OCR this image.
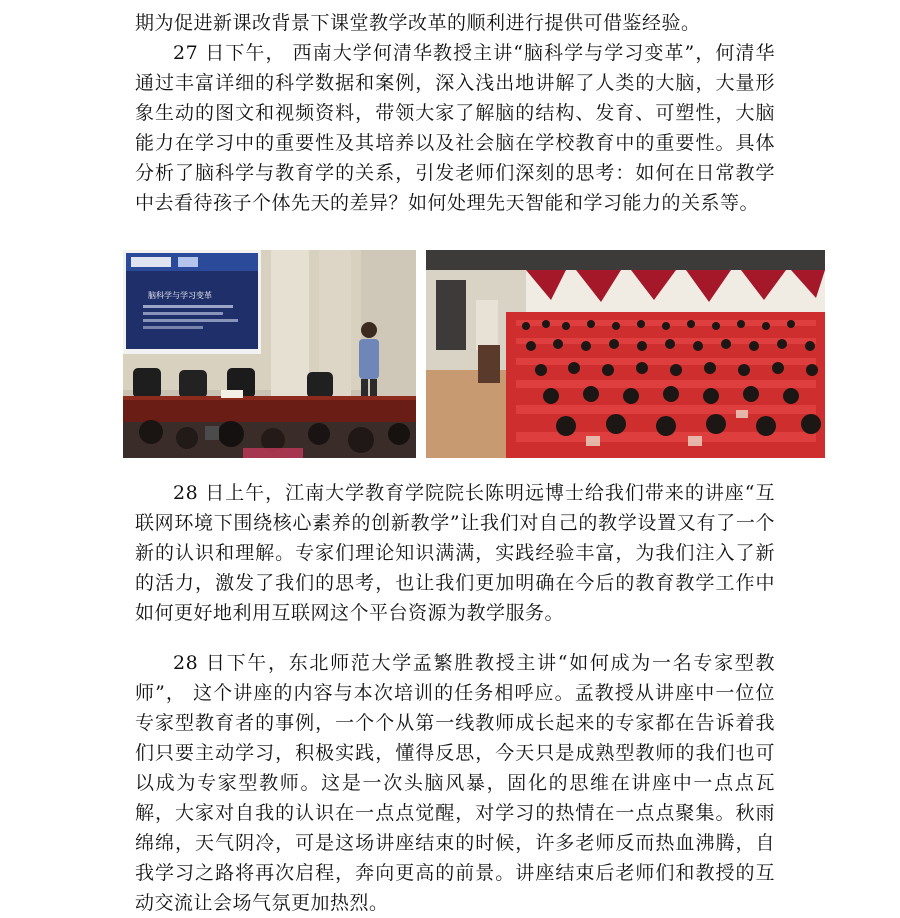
期为促进新课改背景下课堂教学改革的顺利进行提供可借鉴经验。
27 日下午， 西南大学何清华教授主讲“脑科学与学习变革”，何清华通过丰富详细的科学数据和案例，深入浅出地讲解了人类的大脑，大量形象生动的图文和视频资料，带领大家了解脑的结构、发育、可塑性，大脑能力在学习中的重要性及其培养以及社会脑在学校教育中的重要性。具体分析了脑科学与教育学的关系，引发老师们深刻的思考：如何在日常教学中去看待孩子个体先天的差异？如何处理先天智能和学习能力的关系等。

脑科学与学习变革

28 日上午，江南大学教育学院院长陈明远博士给我们带来的讲座“互联网环境下围绕核心素养的创新教学”让我们对自己的教学设置又有了一个新的认识和理解。专家们理论知识满满，实践经验丰富，为我们注入了新的活力，激发了我们的思考，也让我们更加明确在今后的教育教学工作中如何更好地利用互联网这个平台资源为教学服务。

28 日下午，东北师范大学孟繁胜教授主讲“如何成为一名专家型教师”， 这个讲座的内容与本次培训的任务相呼应。孟教授从讲座中一位位专家型教育者的事例，一个个从第一线教师成长起来的专家都在告诉着我们只要主动学习，积极实践，懂得反思，今天只是成熟型教师的我们也可以成为专家型教师。这是一次头脑风暴，固化的思维在讲座中一点点瓦解，大家对自我的认识在一点点觉醒，对学习的热情在一点点聚集。秋雨绵绵，天气阴冷，可是这场讲座结束的时候，许多老师反而热血沸腾，自我学习之路将再次启程，奔向更高的前景。讲座结束后老师们和教授的互动交流让会场气氛更加热烈。
